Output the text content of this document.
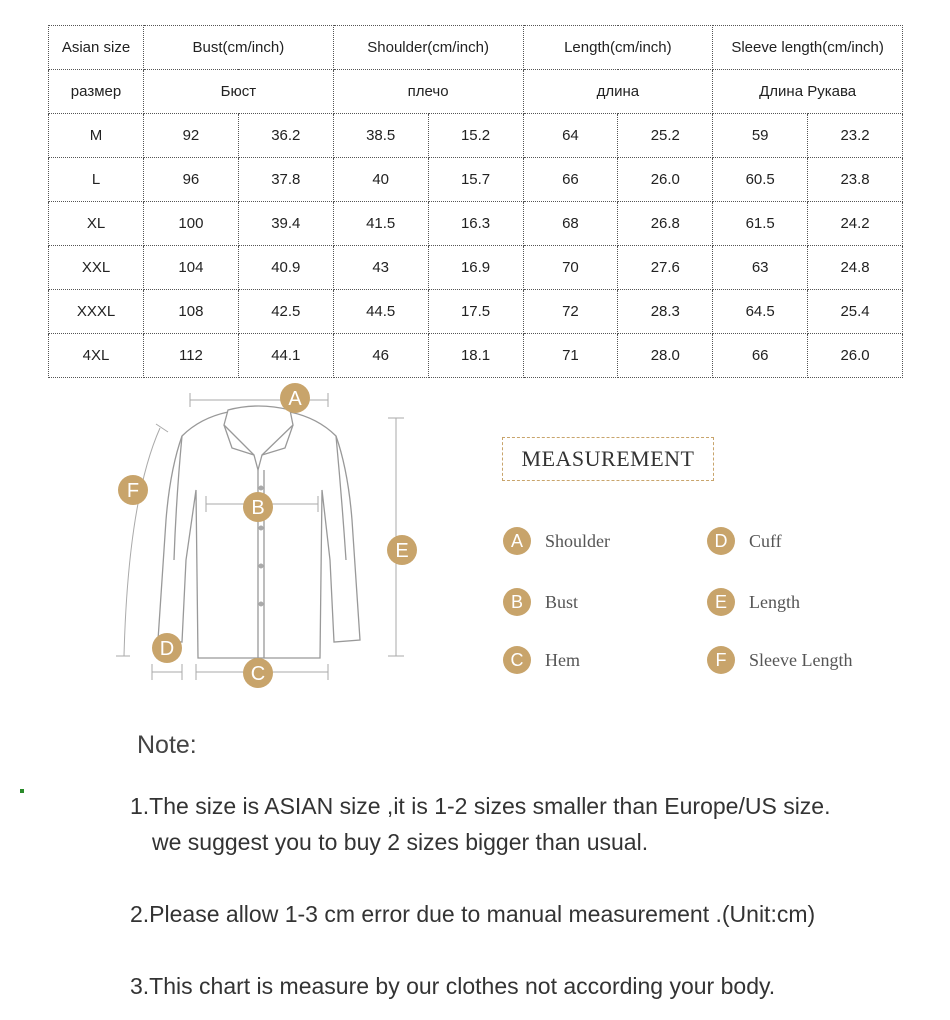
Asian size	Bust(cm/inch)		Shoulder(cm/inch)		Length(cm/inch)		Sleeve length(cm/inch)	
размер	Бюст		плечо		длина		Длина Рукава	
M	92	36.2	38.5	15.2	64	25.2	59	23.2
L	96	37.8	40	15.7	66	26.0	60.5	23.8
XL	100	39.4	41.5	16.3	68	26.8	61.5	24.2
XXL	104	40.9	43	16.9	70	27.6	63	24.8
XXXL	108	42.5	44.5	17.5	72	28.3	64.5	25.4
4XL	112	44.1	46	18.1	71	28.0	66	26.0
A
B
C
D
E
F
MEASUREMENT
A	Shoulder
B	Bust
C	Hem
D	Cuff
E	Length
F	Sleeve Length
Note:
1.The size is ASIAN size ,it is 1-2 sizes smaller than Europe/US size.
we suggest you to buy 2 sizes bigger than usual.
2.Please allow 1-3 cm error due to manual measurement .(Unit:cm)
3.This chart is measure by our clothes not according your body.
